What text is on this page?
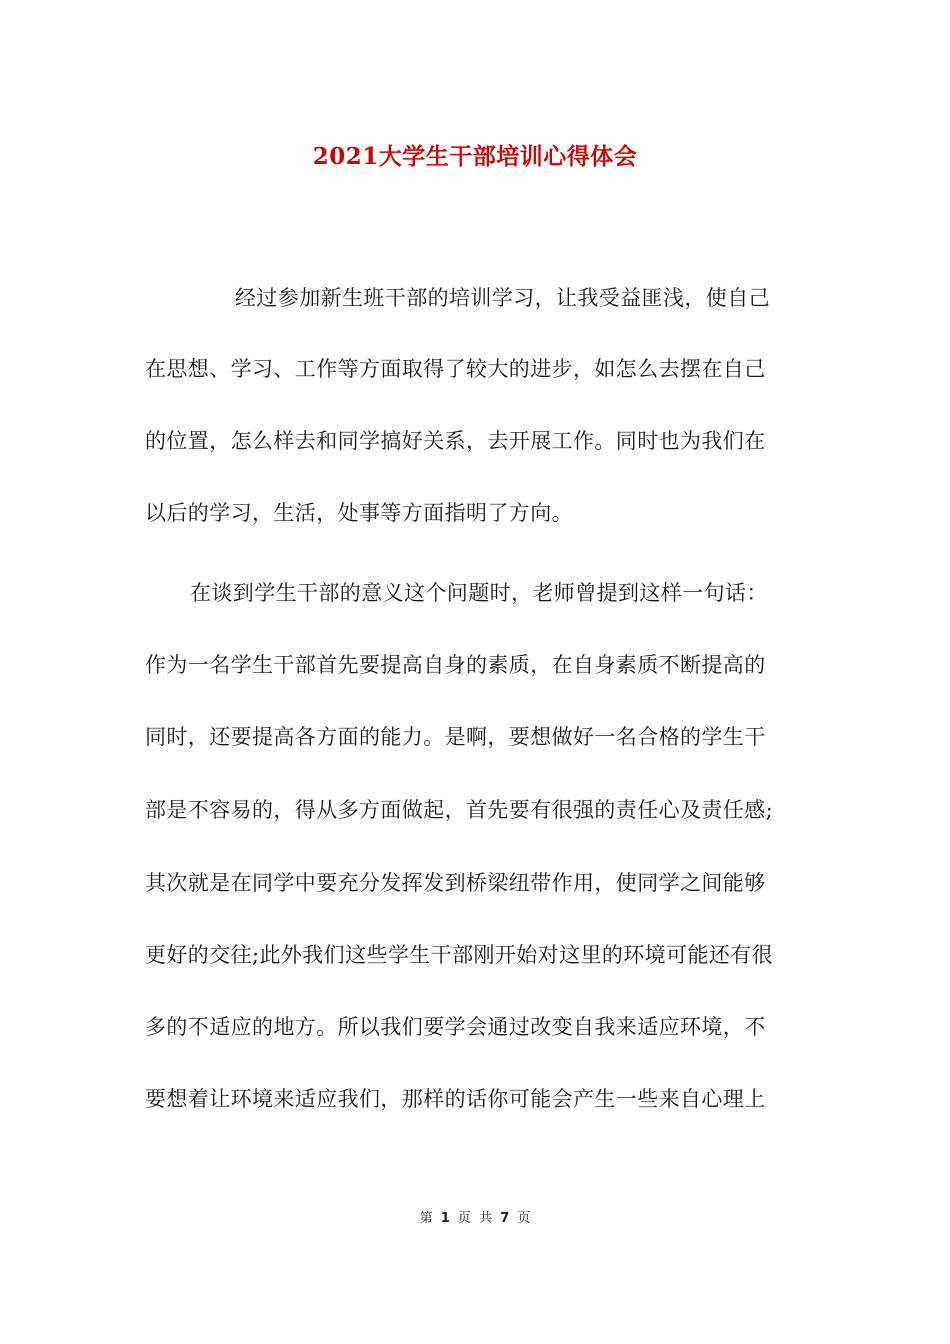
2021大学生干部培训心得体会
经过参加新生班干部的培训学习，让我受益匪浅，使自己
在思想、学习、工作等方面取得了较大的进步，如怎么去摆在自己
的位置，怎么样去和同学搞好关系，去开展工作。同时也为我们在
以后的学习，生活，处事等方面指明了方向。
在谈到学生干部的意义这个问题时，老师曾提到这样一句话：
作为一名学生干部首先要提高自身的素质，在自身素质不断提高的
同时，还要提高各方面的能力。是啊，要想做好一名合格的学生干
部是不容易的，得从多方面做起，首先要有很强的责任心及责任感;
其次就是在同学中要充分发挥发到桥梁纽带作用，使同学之间能够
更好的交往;此外我们这些学生干部刚开始对这里的环境可能还有很
多的不适应的地方。所以我们要学会通过改变自我来适应环境，不
要想着让环境来适应我们，那样的话你可能会产生一些来自心理上
第 1 页 共 7 页
